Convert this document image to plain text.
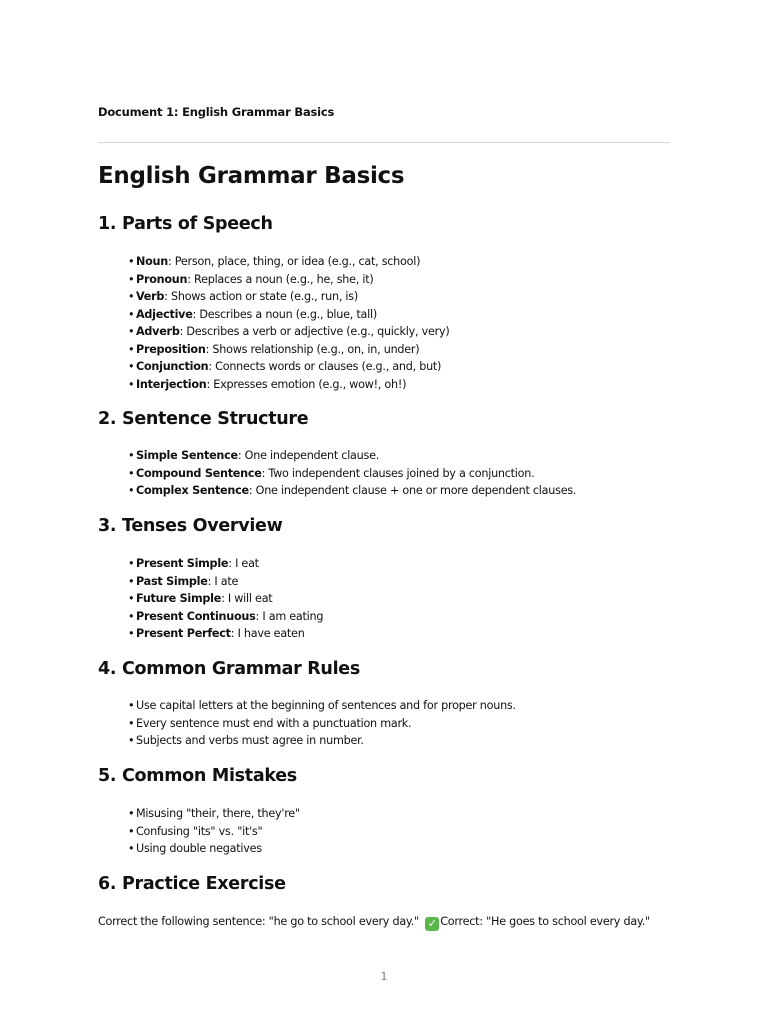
Document 1: English Grammar Basics
English Grammar Basics
1. Parts of Speech
• Noun: Person, place, thing, or idea (e.g., cat, school)
• Pronoun: Replaces a noun (e.g., he, she, it)
• Verb: Shows action or state (e.g., run, is)
• Adjective: Describes a noun (e.g., blue, tall)
• Adverb: Describes a verb or adjective (e.g., quickly, very)
• Preposition: Shows relationship (e.g., on, in, under)
• Conjunction: Connects words or clauses (e.g., and, but)
• Interjection: Expresses emotion (e.g., wow!, oh!)
2. Sentence Structure
• Simple Sentence: One independent clause.
• Compound Sentence: Two independent clauses joined by a conjunction.
• Complex Sentence: One independent clause + one or more dependent clauses.
3. Tenses Overview
• Present Simple: I eat
• Past Simple: I ate
• Future Simple: I will eat
• Present Continuous: I am eating
• Present Perfect: I have eaten
4. Common Grammar Rules
• Use capital letters at the beginning of sentences and for proper nouns.
• Every sentence must end with a punctuation mark.
• Subjects and verbs must agree in number.
5. Common Mistakes
• Misusing "their, there, they're"
• Confusing "its" vs. "it's"
• Using double negatives
6. Practice Exercise
Correct the following sentence: "he go to school every day." ✓ Correct: "He goes to school every day."
1
